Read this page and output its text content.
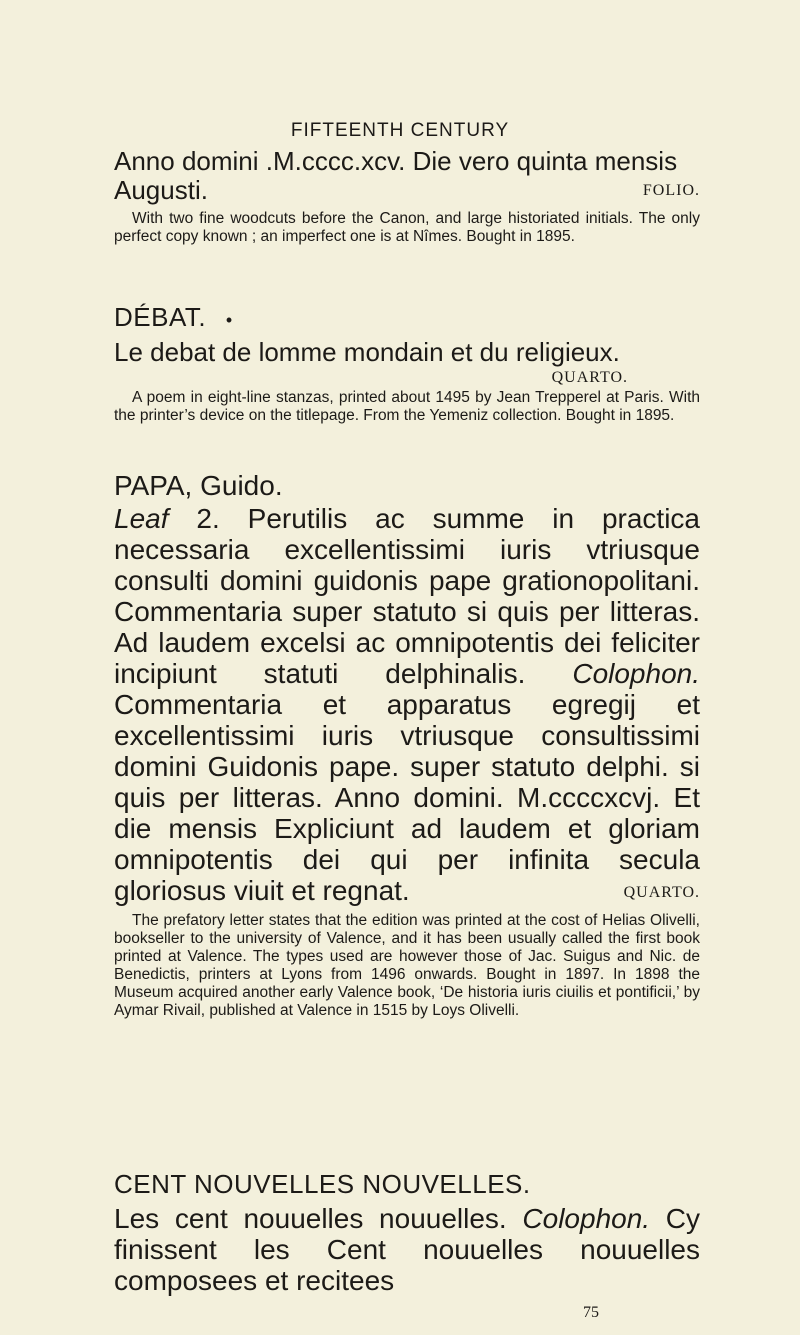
FIFTEENTH CENTURY
Anno domini .M.cccc.xcv. Die vero quinta mensis
Augusti.	FOLIO.
With two fine woodcuts before the Canon, and large historiated initials. The only perfect copy known ; an imperfect one is at Nîmes. Bought in 1895.
DÉBAT. •
Le debat de lomme mondain et du religieux.
QUARTO.
A poem in eight-line stanzas, printed about 1495 by Jean Trepperel at Paris. With the printer’s device on the titlepage. From the Yemeniz collection. Bought in 1895.
PAPA, Guido.
Leaf 2. Perutilis ac summe in practica necessaria excellentissimi iuris vtriusque consulti domini guidonis pape grationopolitani. Commentaria super statuto si quis per litteras. Ad laudem excelsi ac omnipotentis dei feliciter incipiunt statuti delphinalis. Colophon. Commentaria et apparatus egregij et excellentissimi iuris vtriusque consultissimi domini Guidonis pape. super statuto delphi. si quis per litteras. Anno domini. M.ccccxcvj. Et die mensis Expliciunt ad laudem et gloriam omnipotentis dei qui per infinita secula gloriosus viuit et regnat.	QUARTO.
The prefatory letter states that the edition was printed at the cost of Helias Olivelli, bookseller to the university of Valence, and it has been usually called the first book printed at Valence. The types used are however those of Jac. Suigus and Nic. de Benedictis, printers at Lyons from 1496 onwards. Bought in 1897. In 1898 the Museum acquired another early Valence book, ‘De historia iuris ciuilis et pontificii,’ by Aymar Rivail, published at Valence in 1515 by Loys Olivelli.
CENT NOUVELLES NOUVELLES.
Les cent nouuelles nouuelles. Colophon. Cy finissent les Cent nouuelles nouuelles composees et recitees
75
